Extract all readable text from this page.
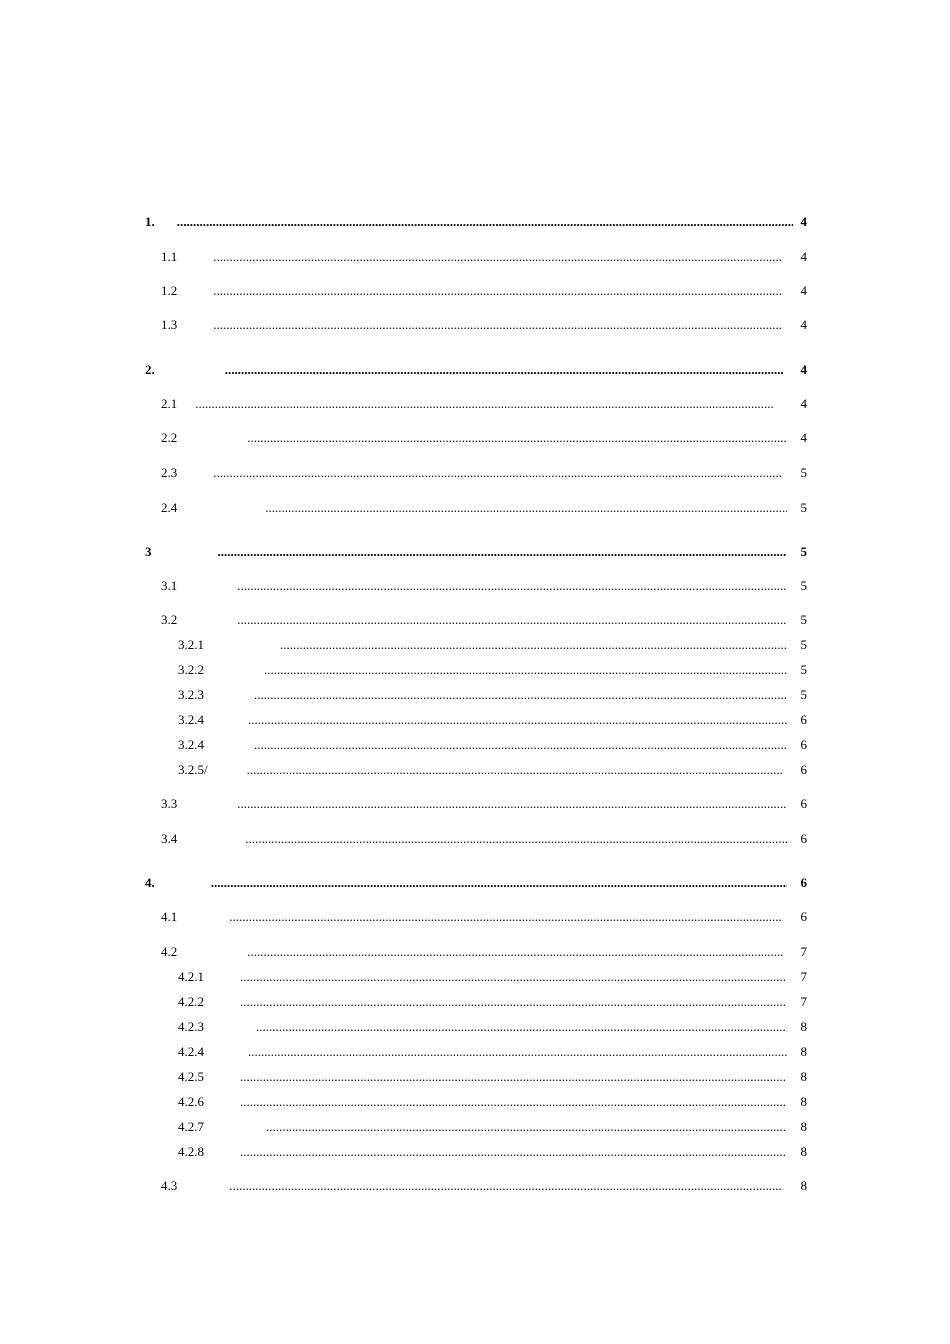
1. .....	4
1.1 .....	4
1.2 .....	4
1.3 .....	4
2. .....	4
2.1 .....	4
2.2 .....	4
2.3 .....	5
2.4 .....	5
3 .....	5
3.1 .....	5
3.2 .....	5
3.2.1 .....	5
3.2.2 .....	5
3.2.3 .....	5
3.2.4 .....	6
3.2.4 .....	6
3.2.5 / .....	6
3.3 .....	6
3.4 .....	6
4. .....	6
4.1 .....	6
4.2 .....	7
4.2.1 .....	7
4.2.2 .....	7
4.2.3 .....	8
4.2.4 .....	8
4.2.5 .....	8
4.2.6 .....	8
4.2.7 .....	8
4.2.8 .....	8
4.3 .....	8
